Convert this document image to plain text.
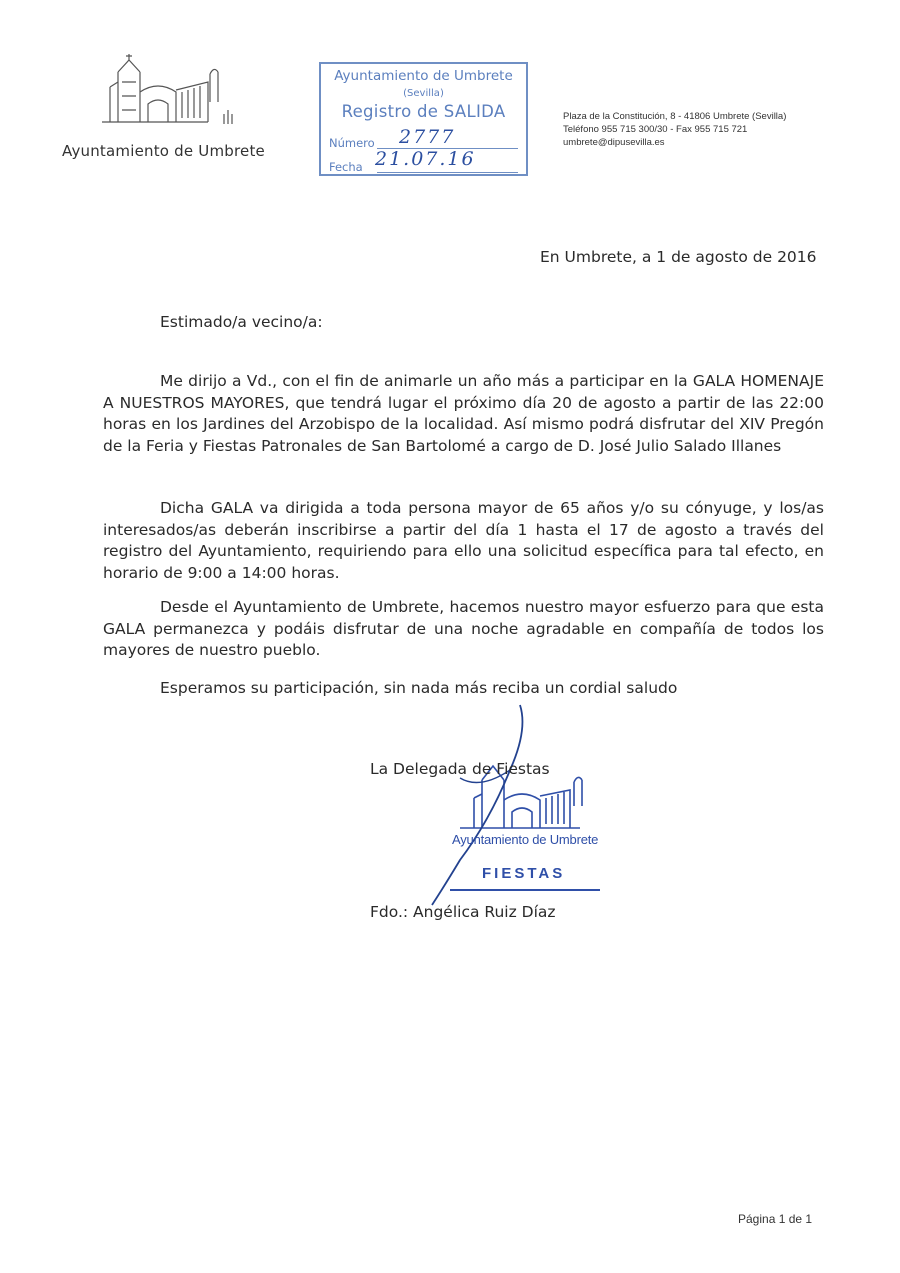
Ayuntamiento de Umbrete
Ayuntamiento de Umbrete
(Sevilla)
Registro de SALIDA
Número 2777
Fecha 21.07.16
Plaza de la Constitución, 8 - 41806 Umbrete (Sevilla)
Teléfono 955 715 300/30 - Fax 955 715 721
umbrete@dipusevilla.es
En Umbrete, a 1 de agosto de 2016
Estimado/a vecino/a:
Me dirijo a Vd., con el fin de animarle un año más a participar en la GALA HOMENAJE A NUESTROS MAYORES, que tendrá lugar el próximo día 20 de agosto a partir de las 22:00 horas en los Jardines del Arzobispo de la localidad. Así mismo podrá disfrutar del XIV Pregón de la Feria y Fiestas Patronales de San Bartolomé a cargo de D. José Julio Salado Illanes
Dicha GALA va dirigida a toda persona mayor de 65 años y/o su cónyuge, y los/as interesados/as deberán inscribirse a partir del día 1 hasta el 17 de agosto a través del registro del Ayuntamiento, requiriendo para ello una solicitud específica para tal efecto, en horario de 9:00 a 14:00 horas.
Desde el Ayuntamiento de Umbrete, hacemos nuestro mayor esfuerzo para que esta GALA permanezca y podáis disfrutar de una noche agradable en compañía de todos los mayores de nuestro pueblo.
Esperamos su participación, sin nada más reciba un cordial saludo
Ayuntamiento de Umbrete
FIESTAS
La Delegada de Fiestas
Fdo.: Angélica Ruiz Díaz
Página 1 de 1
